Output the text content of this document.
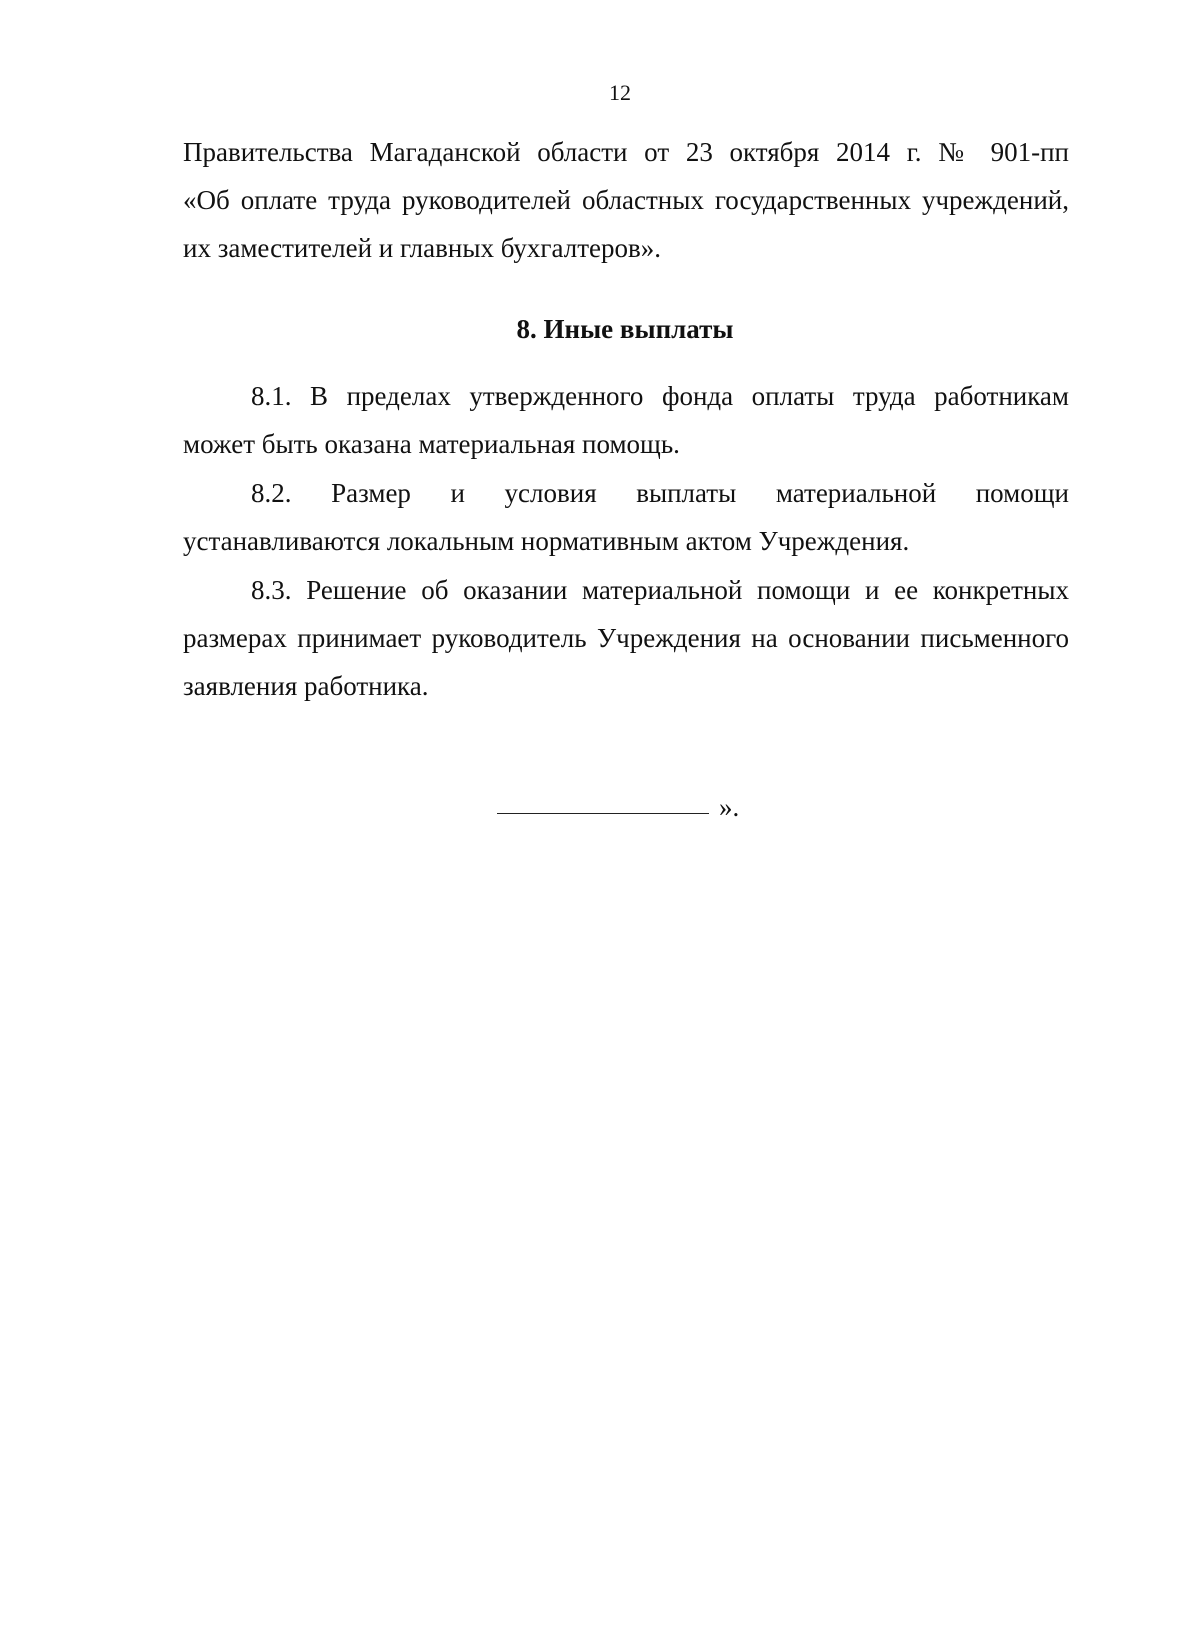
12
Правительства Магаданской области от 23 октября 2014 г. № 901-пп
«Об оплате труда руководителей областных государственных учреждений,
их заместителей и главных бухгалтеров».
8. Иные выплаты
8.1. В пределах утвержденного фонда оплаты труда работникам
может быть оказана материальная помощь.
8.2. Размер и условия выплаты материальной помощи
устанавливаются локальным нормативным актом Учреждения.
8.3. Решение об оказании материальной помощи и ее конкретных
размерах принимает руководитель Учреждения на основании письменного
заявления работника.
».
